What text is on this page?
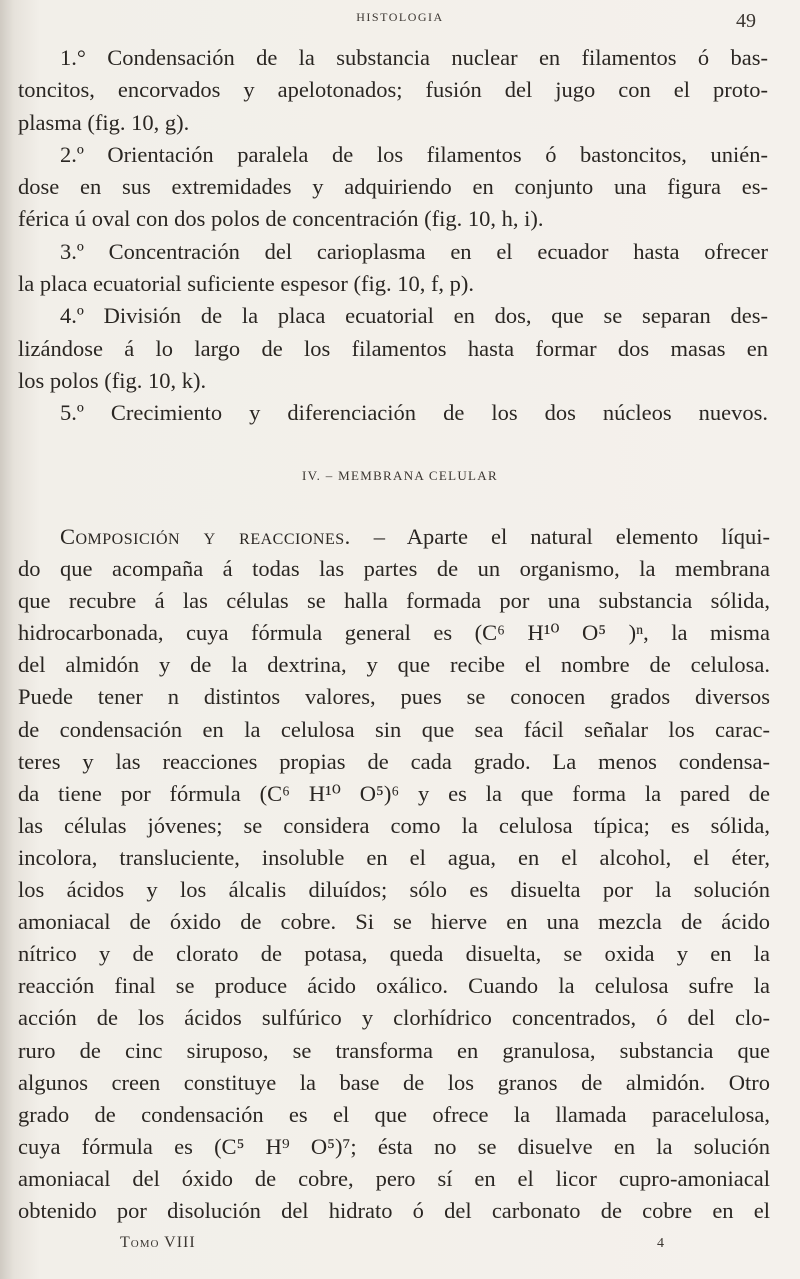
HISTOLOGIA	49
1.° Condensación de la substancia nuclear en filamentos ó bas-
toncitos, encorvados y apelotonados; fusión del jugo con el proto-
plasma (fig. 10, g).
2.º Orientación paralela de los filamentos ó bastoncitos, unién-
dose en sus extremidades y adquiriendo en conjunto una figura es-
férica ú oval con dos polos de concentración (fig. 10, h, i).
3.º Concentración del carioplasma en el ecuador hasta ofrecer
la placa ecuatorial suficiente espesor (fig. 10, f, p).
4.º División de la placa ecuatorial en dos, que se separan des-
lizándose á lo largo de los filamentos hasta formar dos masas en
los polos (fig. 10, k).
5.º Crecimiento y diferenciación de los dos núcleos nuevos.
IV. – MEMBRANA CELULAR
Composición y reacciones. – Aparte el natural elemento líqui-
do que acompaña á todas las partes de un organismo, la membrana
que recubre á las células se halla formada por una substancia sólida,
hidrocarbonada, cuya fórmula general es (C⁶ H¹⁰ O⁵ )ⁿ, la misma
del almidón y de la dextrina, y que recibe el nombre de celulosa.
Puede tener n distintos valores, pues se conocen grados diversos
de condensación en la celulosa sin que sea fácil señalar los carac-
teres y las reacciones propias de cada grado. La menos condensa-
da tiene por fórmula (C⁶ H¹⁰ O⁵)⁶ y es la que forma la pared de
las células jóvenes; se considera como la celulosa típica; es sólida,
incolora, transluciente, insoluble en el agua, en el alcohol, el éter,
los ácidos y los álcalis diluídos; sólo es disuelta por la solución
amoniacal de óxido de cobre. Si se hierve en una mezcla de ácido
nítrico y de clorato de potasa, queda disuelta, se oxida y en la
reacción final se produce ácido oxálico. Cuando la celulosa sufre la
acción de los ácidos sulfúrico y clorhídrico concentrados, ó del clo-
ruro de cinc siruposo, se transforma en granulosa, substancia que
algunos creen constituye la base de los granos de almidón. Otro
grado de condensación es el que ofrece la llamada paracelulosa,
cuya fórmula es (C⁵ H⁹ O⁵)⁷; ésta no se disuelve en la solución
amoniacal del óxido de cobre, pero sí en el licor cupro-amoniacal
obtenido por disolución del hidrato ó del carbonato de cobre en el
Tomo VIII	4
